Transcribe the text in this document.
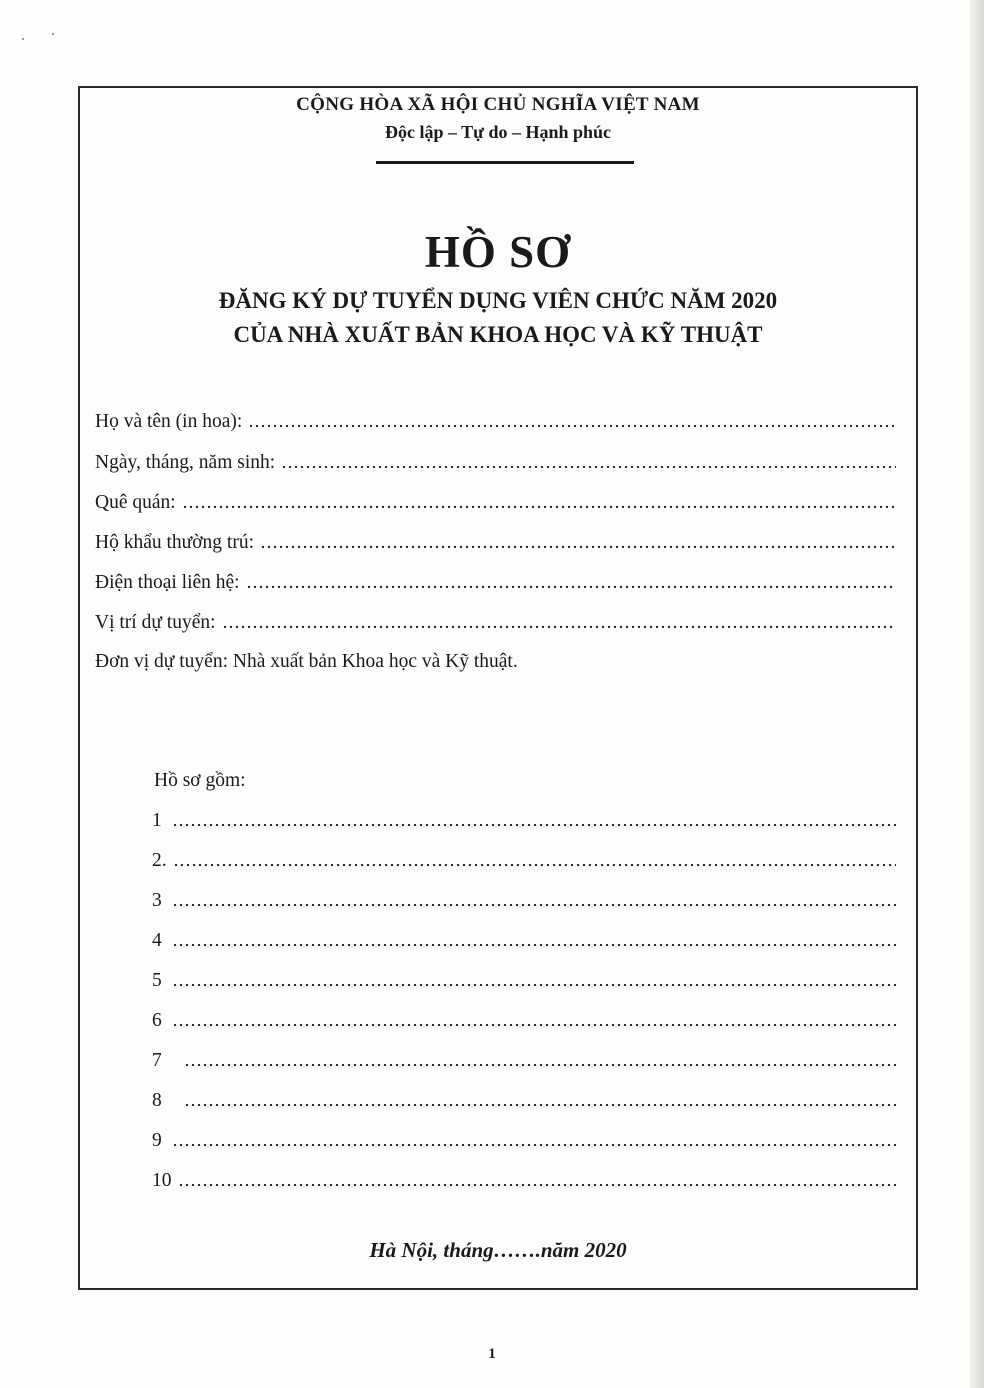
CỘNG HÒA XÃ HỘI CHỦ NGHĨA VIỆT NAM
Độc lập – Tự do – Hạnh phúc
HỒ SƠ
ĐĂNG KÝ DỰ TUYỂN DỤNG VIÊN CHỨC NĂM 2020
CỦA NHÀ XUẤT BẢN KHOA HỌC VÀ KỸ THUẬT
Họ và tên (in hoa):
Ngày, tháng, năm sinh:
Quê quán:
Hộ khẩu thường trú:
Điện thoại liên hệ:
Vị trí dự tuyển:
Đơn vị dự tuyển: Nhà xuất bản Khoa học và Kỹ thuật.
Hồ sơ gồm:
1
2.
3
4
5
6
7
8
9
10
Hà Nội, tháng…….năm 2020
1
